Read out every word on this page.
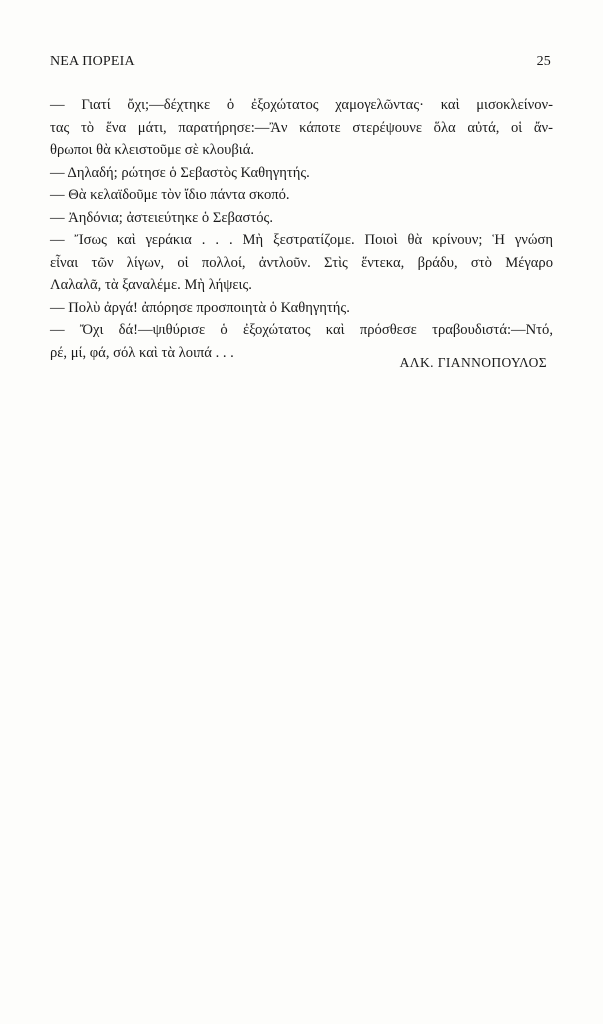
ΝΕΑ ΠΟΡΕΙΑ	25
— Γιατί ὄχι;—δέχτηκε ὁ ἐξοχώτατος χαμογελῶντας· καὶ μισοκλείνον-
τας τὸ ἕνα μάτι, παρατήρησε:—Ἂν κάποτε στερέψουνε ὅλα αὐτά, οἱ ἄν-
θρωποι θὰ κλειστοῦμε σὲ κλουβιά.
— Δηλαδή; ρώτησε ὁ Σεβαστὸς Καθηγητής.
— Θὰ κελαϊδοῦμε τὸν ἴδιο πάντα σκοπό.
— Ἀηδόνια; ἀστειεύτηκε ὁ Σεβαστός.
— Ἴσως καὶ γεράκια . . . Μὴ ξεστρατίζομε. Ποιοὶ θὰ κρίνουν; Ἡ γνώση
εἶναι τῶν λίγων, οἱ πολλοί, ἀντλοῦν. Στὶς ἕντεκα, βράδυ, στὸ Μέγαρο
Λαλαλᾶ, τὰ ξαναλέμε. Μὴ λήψεις.
— Πολὺ ἀργά! ἀπόρησε προσποιητὰ ὁ Καθηγητής.
— Ὄχι δά!—ψιθύρισε ὁ ἐξοχώτατος καὶ πρόσθεσε τραβουδιστά:—Ντό,
ρέ, μί, φά, σόλ καὶ τὰ λοιπά . . .
ΑΛΚ. ΓΙΑΝΝΟΠΟΥΛΟΣ
